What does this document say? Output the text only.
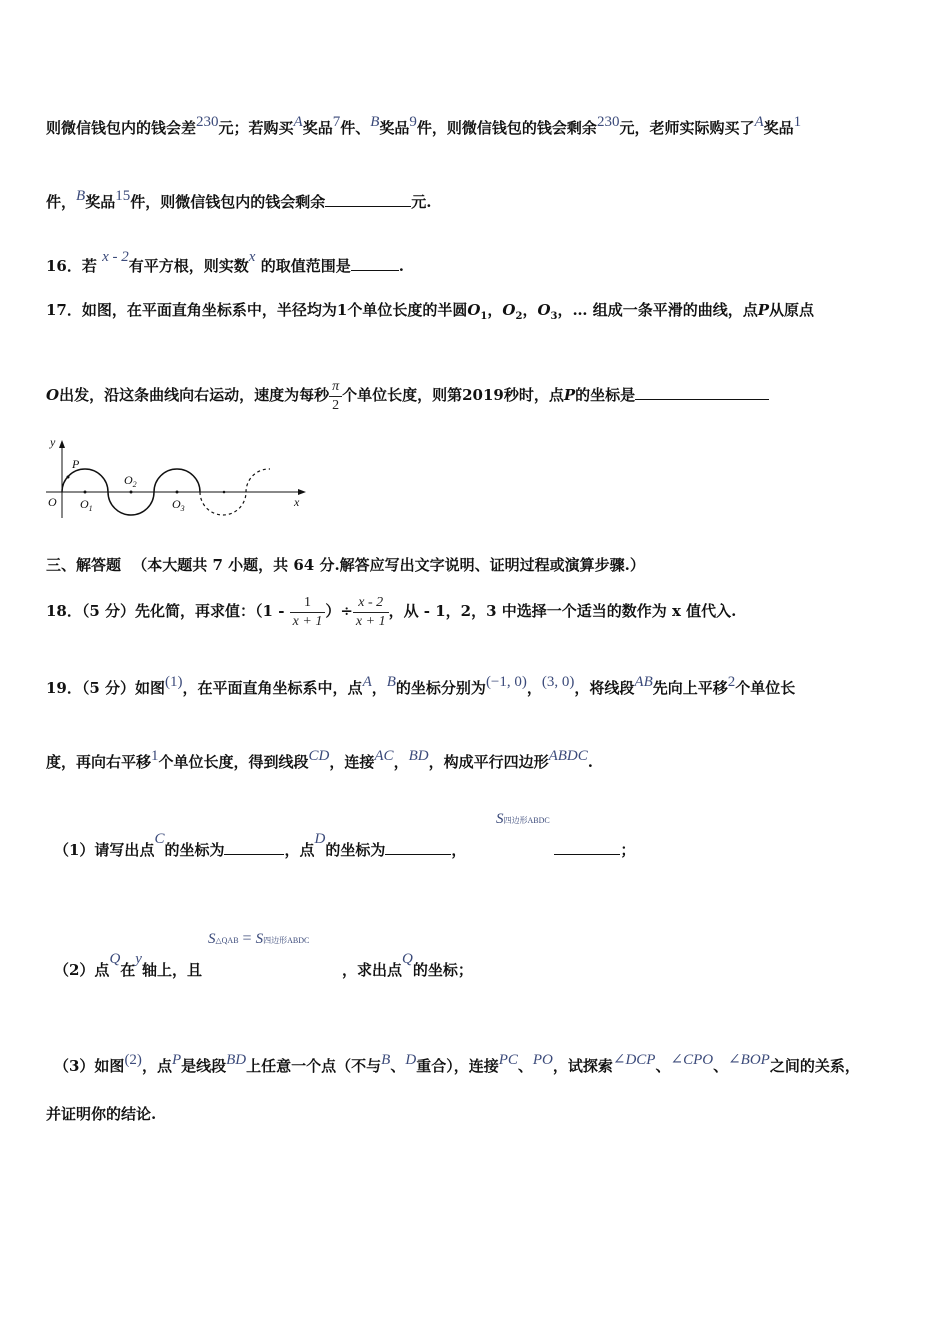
则微信钱包内的钱会差230元；若购买A奖品7件、B奖品9件，则微信钱包的钱会剩余230元，老师实际购买了A奖品1
件，B奖品15件，则微信钱包内的钱会剩余	元.
16．若 x - 2有平方根，则实数x 的取值范围是	.
17．如图，在平面直角坐标系中，半径均为1个单位长度的半圆$O_1$，$O_2$，$O_3$，… 组成一条平滑的曲线，点P从原点
O出发，沿这条曲线向右运动，速度为每秒 $\frac{\pi}{2}$ 个单位长度，则第2019秒时，点P的坐标是
y
P
O $O_1$
$O_2$
$O_3$	x
三、解答题 （本大题共 7 小题，共 64 分.解答应写出文字说明、证明过程或演算步骤.）
18．（5 分）先化简，再求值：（$1 - \frac{1}{x + 1}$ ）÷ $\frac{x - 2}{x + 1}$ ，从 - 1，2，3 中选择一个适当的数作为 x 值代入.
19．（5 分）如图(1)，在平面直角坐标系中，点A，B的坐标分别为(−1, 0)，(3, 0)，将线段AB先向上平移2个单位长
度，再向右平移1个单位长度，得到线段CD，连接AC，BD，构成平行四边形ABDC.
S四边形ABDC
（1）请写出点C的坐标为	，点D的坐标为	，	；
S△QAB = S四边形ABDC
（2）点Q在y轴上，且	，求出点Q的坐标；
（3）如图(2)，点P是线段BD上任意一个点（不与B、D重合），连接PC、PO，试探索∠DCP、∠CPO、∠BOP之间的关系，
并证明你的结论.
